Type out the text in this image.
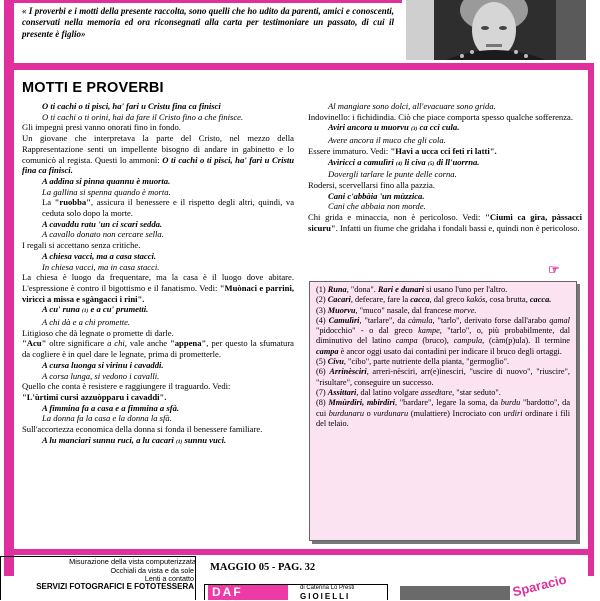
« I proverbi e i motti della presente raccolta, sono quelli che ho udito da parenti, amici e conoscenti, conservati nella memoria ed ora riconsegnati alla carta per testimoniare un passato, di cui il presente è figlio»
MOTTI E PROVERBI

O ti cachi o ti pisci, ha' fari u Cristu fina ca finisci

O ti cachi o ti orini, hai da fare il Cristo fino a che finisce.

Gli impegni presi vanno onorati fino in fondo.

Un giovane che interpretava la parte del Cristo, nel mezzo della Rappresentazione senti un impellente bisogno di andare in gabinetto e lo comunicò al regista. Questi lo ammonì: O ti cachi o ti pisci, ha' fari u Cristu fina ca finisci.

A addina si pinna quannu è muorta.

La gallina si spenna quando è morta.

La "ruobba", assicura il benessere e il rispetto degli altri, quindi, va ceduta solo dopo la morte.

A cavaddu ratu 'un ci scari sedda.

A cavallo donato non cercare sella.

I regali si accettano senza critiche.

A chiesa vacci, ma a casa stacci.

In chiesa vacci, ma in casa stacci.

La chiesa è luogo da frequentare, ma la casa è il luogo dove abitare. L'espressione è contro il bigottismo e il fanatismo. Vedi: "Muònaci e parrini, virìcci a missa e sgàngacci i rini".

A cu' runa (1) e a cu' prumetti.

A chi dà e a chi promette.

Litigioso che dà legnate o promette di darle.

"Acu" oltre significare a chi, vale anche "appena", per questo la sfumatura da cogliere è in quel dare le legnate, prima di prometterle.

A cursa luonga si virinu i cavaddi.

A corsa lunga, si vedono i cavalli.

Quello che conta è resistere e raggiungere il traguardo. Vedi:
"L'ùrtimi cursi azzuòpparu i cavaddi".

A fimmina fa a casa e a fimmina a sfà.

La donna fa la casa e la donna la sfà.

Sull'accortezza economica della donna si fonda il benessere familiare.

A lu manciari sunnu ruci, a lu cacari (1) sunnu vuci.

Al mangiare sono dolci, all'evacuare sono grida.

Indovinello: i fichidindia. Ciò che piace comporta spesso qualche sofferenza.

Aviri ancora u muorvu (3) ca cci cula.

Avere ancora il muco che gli cola.

Essere immaturo. Vedi: "Havi a ucca cci feti ri latti".

Avìricci a camulìri (4) li civa (5) di ll'uorrna.

Dovergli tarlare le punte delle corna.

Rodersi, scervellarsi fino alla pazzia.

Cani c'abbàia 'un mùzzica.

Cani che abbaia non morde.

Chi grida e minaccia, non è pericoloso. Vedi: "Ciumi ca gira, pàssacci sicuru". Infatti un fiume che gridaha i fondali bassi e, quindi non è pericoloso.

☞

(1) Runa, "dona". Rari e dunari si usano l'uno per l'altro.

(2) Cacari, defecare, fare la cacca, dal greco kakós, cosa brutta, cacca.

(3) Muorvu, "muco" nasale, dal francese morve.

(4) Camulìri, "tarlare", da càmula, "tarlo", derivato forse dall'arabo qamal "pidocchio" - o dal greco kampe, "tarlo", o, più probabilmente, dal diminutivo del latino campa (bruco), campula, (càm(p)ula). Il termine campa è ancor oggi usato dai contadini per indicare il bruco degli ortaggi.

(5) Civu, "cibo", parte nutriente della pianta, "germoglio".

(6) Arrinèsciri, arreri-nèsciri, arr(e)inesciri, "uscire di nuovo", "riuscire", "risultare", conseguire un successo.

(7) Assittari, dal latino volgare assedtare, "star seduto".

(8) Mmùrdiri, mbirdiri, "bardare", legare la soma, da burdu "bardotto", da cui burdunaru o vurdunaru (mulattiere) Incrociato con urdiri ordinare i fili del telaio.

MAGGIO 05 - PAG. 32
Misurazione della vista computerizzata
Occhiali da vista e da sole
Lenti a contatto
SERVIZI FOTOGRAFICI E FOTOTESSERA	DAF	di Caterina Lo Presti
GIOIELLI	Sparacio
